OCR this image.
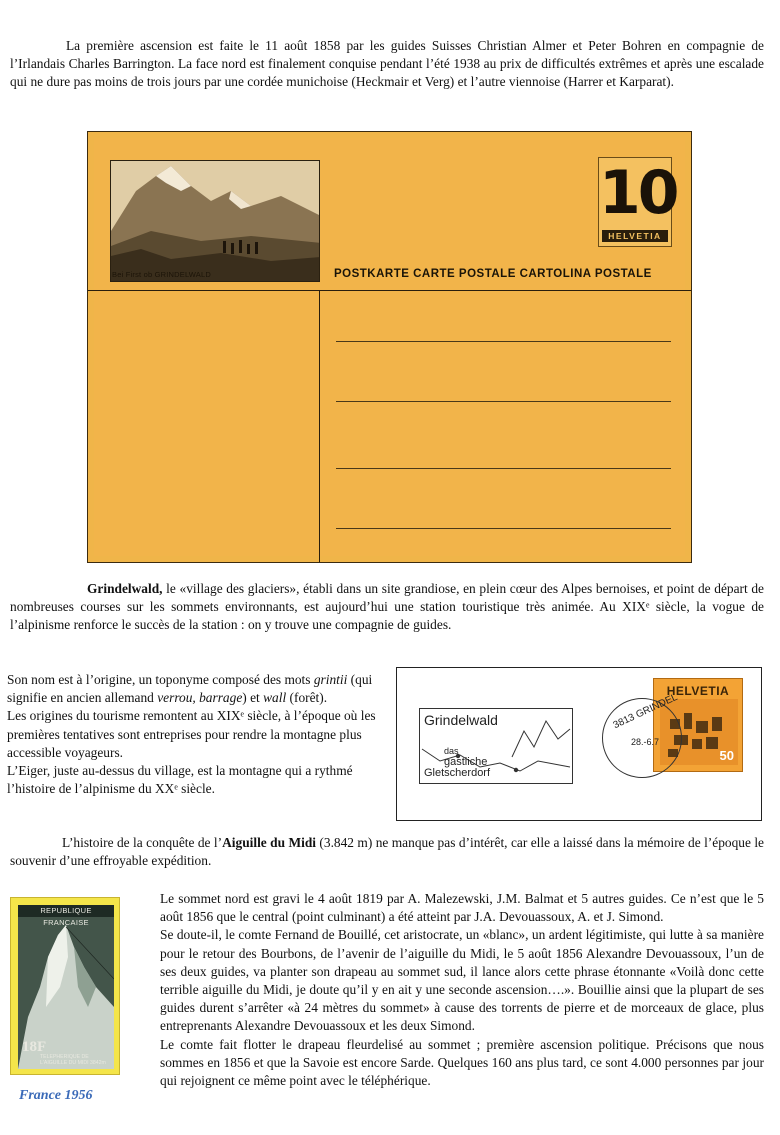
La première ascension est faite le 11 août 1858 par les guides Suisses Christian Almer et Peter Bohren en compagnie de l’Irlandais Charles Barrington. La face nord est finalement conquise pendant l’été 1938 au prix de difficultés extrêmes et après une escalade qui ne dure pas moins de trois jours par une cordée munichoise (Heckmair et Verg) et l’autre viennoise (Harrer et Karparat).

Bei First ob GRINDELWALD
10
HELVETIA
POSTKARTE CARTE POSTALE CARTOLINA POSTALE

Grindelwald, le «village des glaciers», établi dans un site grandiose, en plein cœur des Alpes bernoises, et point de départ de nombreuses courses sur les sommets environnants, est aujourd’hui une station touristique très animée. Au XIXᵉ siècle, la vogue de l’alpinisme renforce le succès de la station : on y trouve une compagnie de guides.

Son nom est à l’origine, un toponyme composé des mots grintii (qui signifie en ancien allemand verrou, barrage) et wall (forêt).
Les origines du tourisme remontent au XIXᵉ siècle, à l’époque où les premières tentatives sont entreprises pour rendre la montagne plus accessible voyageurs.
L’Eiger, juste au-dessus du village, est la montagne qui a rythmé l’histoire de l’alpinisme du XXᵉ siècle.
Grindelwald
das
gastliche
Gletscherdorf
HELVETIA
50
3813 GRINDEL
28.-6.7

L’histoire de la conquête de l’Aiguille du Midi (3.842 m) ne manque pas d’intérêt, car elle a laissé dans la mémoire de l’époque le souvenir d’une effroyable expédition.

REPUBLIQUE FRANCAISE
18F
TELEPHERIQUE DE L'AIGUILLE DU MIDI 3842m
France 1956
Le sommet nord est gravi le 4 août 1819 par A. Malezewski, J.M. Balmat et 5 autres guides. Ce n’est que le 5 août 1856 que le central (point culminant) a été atteint par J.A. Devouassoux, A. et J. Simond.
Se doute-il, le comte Fernand de Bouillé, cet aristocrate, un «blanc», un ardent légitimiste, qui lutte à sa manière pour le retour des Bourbons, de l’avenir de l’aiguille du Midi, le 5 août 1856 Alexandre Devouassoux, l’un de ses deux guides, va planter son drapeau au sommet sud, il lance alors cette phrase étonnante «Voilà donc cette terrible aiguille du Midi, je doute qu’il y en ait y une seconde ascension….». Bouillie ainsi que la plupart de ses guides durent s’arrêter «à 24 mètres du sommet» à cause des torrents de pierre et de morceaux de glace, plus entreprenants Alexandre Devouassoux et les deux Simond.
Le comte fait flotter le drapeau fleurdelisé au sommet ; première ascension politique. Précisons que nous sommes en 1856 et que la Savoie est encore Sarde. Quelques 160 ans plus tard, ce sont 4.000 personnes par jour qui rejoignent ce même point avec le téléphérique.
